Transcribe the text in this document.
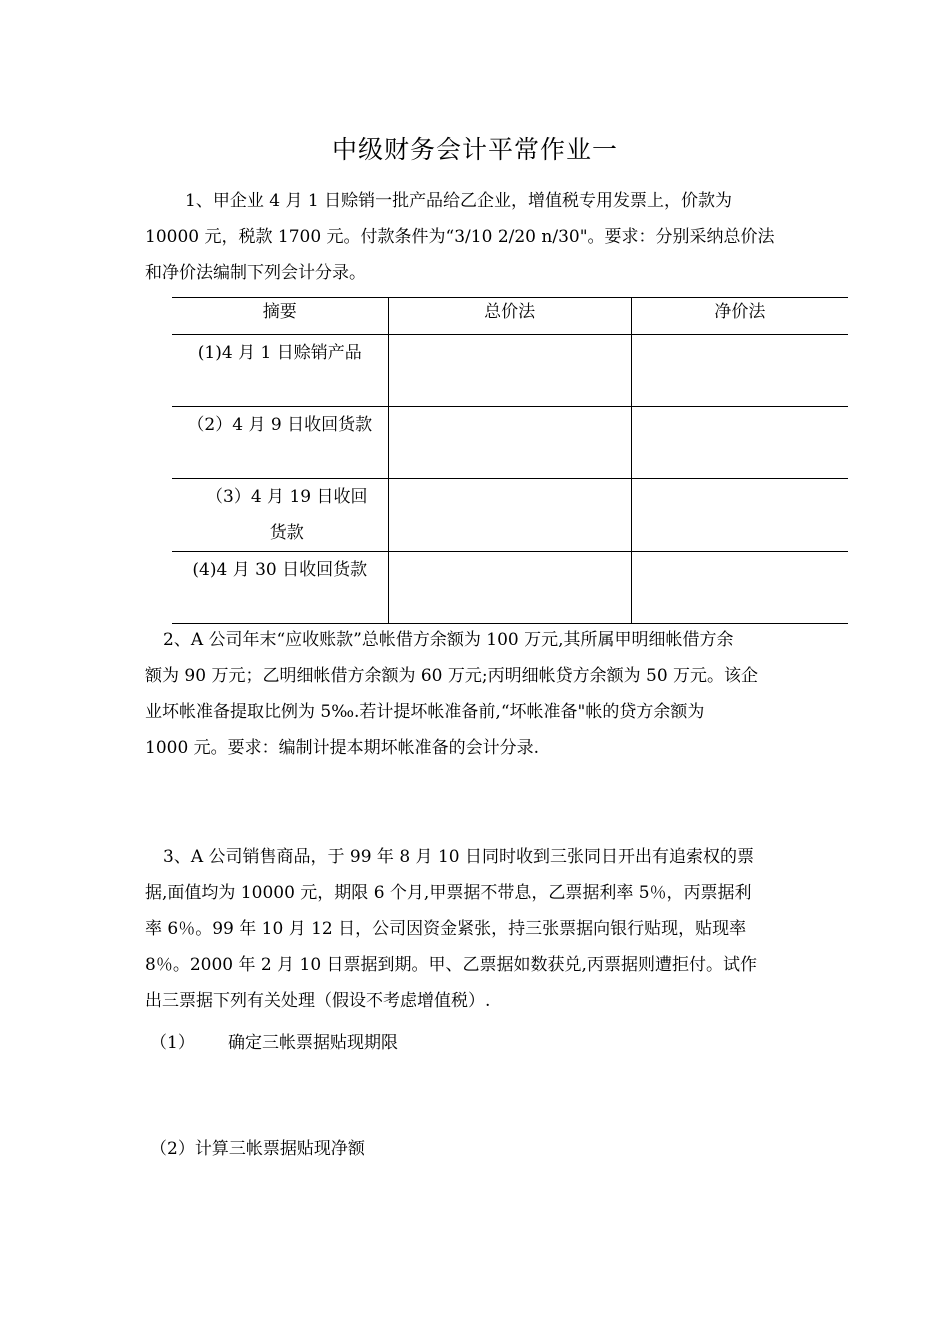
中级财务会计平常作业一
1、甲企业 4 月 1 日赊销一批产品给乙企业，增值税专用发票上，价款为
10000 元，税款 1700 元。付款条件为“3/10 2/20 n/30"。要求：分别采纳总价法
和净价法编制下列会计分录。
摘要	总价法	净价法

(1)4 月 1 日赊销产品		

（2）4 月 9 日收回货款		

（3）4 月 19 日收回货款		

(4)4 月 30 日收回货款		

2、A 公司年末“应收账款”总帐借方余额为 100 万元,其所属甲明细帐借方余
额为 90 万元；乙明细帐借方余额为 60 万元;丙明细帐贷方余额为 50 万元。该企
业坏帐准备提取比例为 5‰.若计提坏帐准备前,“坏帐准备"帐的贷方余额为
1000 元。要求：编制计提本期坏帐准备的会计分录.
3、A 公司销售商品，于 99 年 8 月 10 日同时收到三张同日开出有追索权的票
据,面值均为 10000 元，期限 6 个月,甲票据不带息，乙票据利率 5％，丙票据利
率 6％。99 年 10 月 12 日，公司因资金紧张，持三张票据向银行贴现，贴现率
8％。2000 年 2 月 10 日票据到期。甲、乙票据如数获兑,丙票据则遭拒付。试作
出三票据下列有关处理（假设不考虑增值税）.
（1） 确定三帐票据贴现期限
（2）计算三帐票据贴现净额
